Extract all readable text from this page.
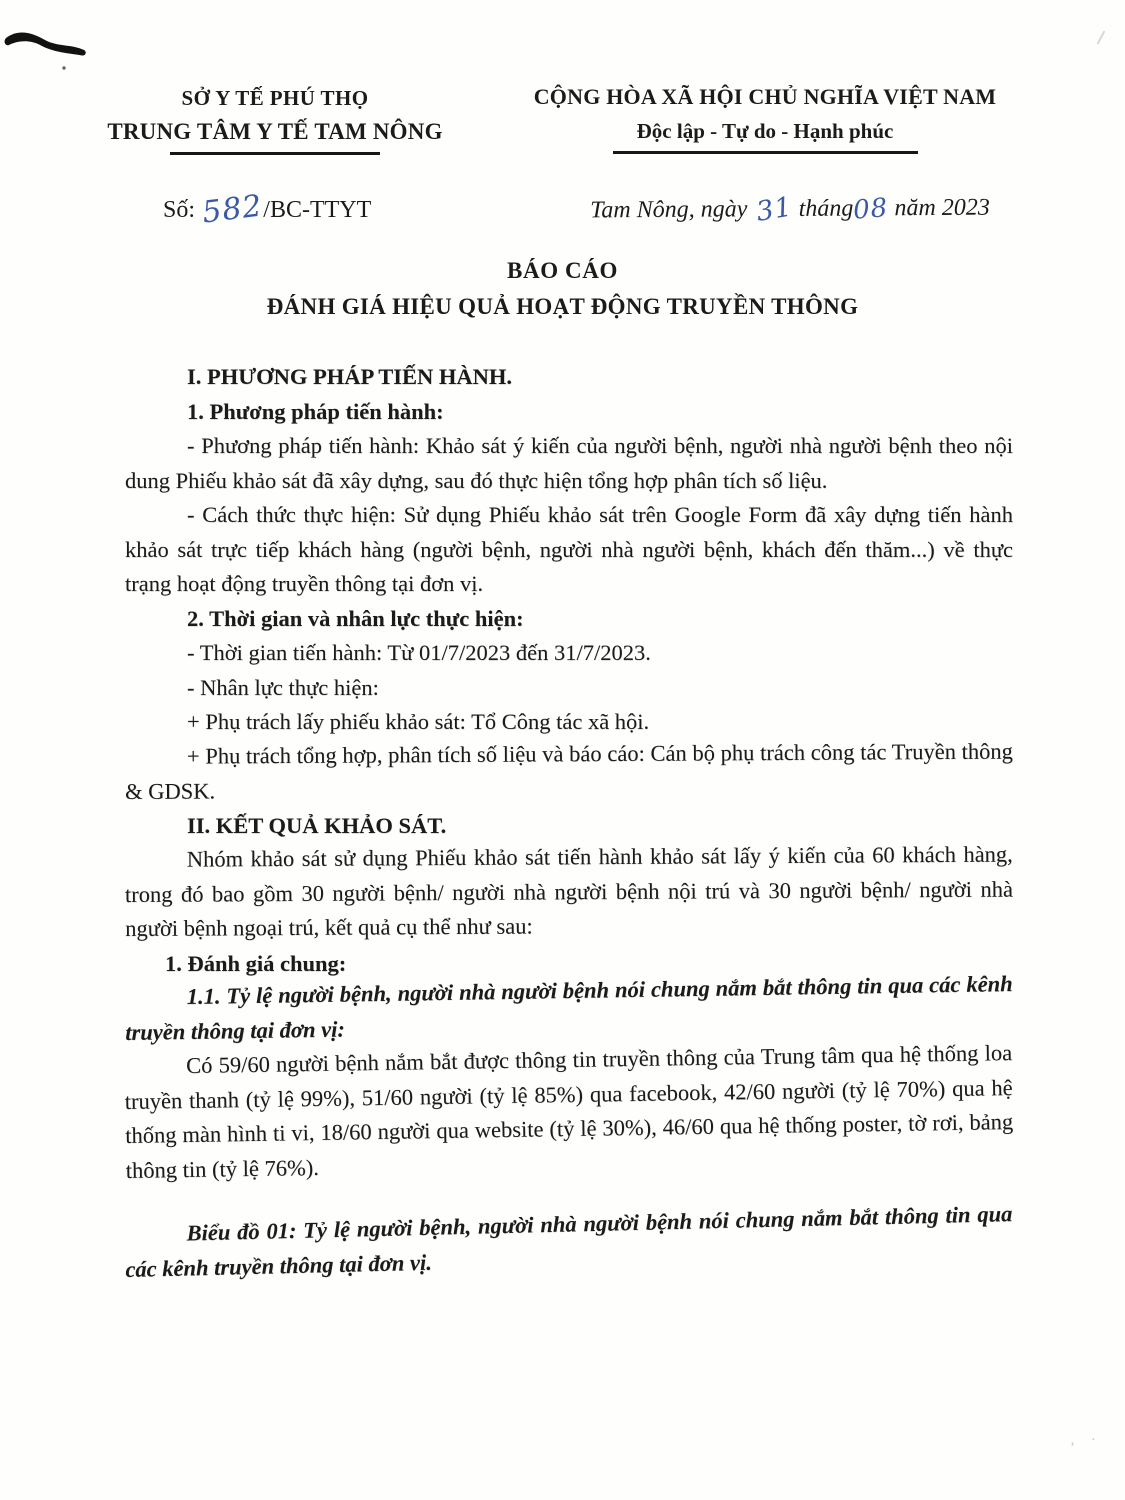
‚ ·
SỞ Y TẾ PHÚ THỌ
TRUNG TÂM Y TẾ TAM NÔNG
CỘNG HÒA XÃ HỘI CHỦ NGHĨA VIỆT NAM
Độc lập - Tự do - Hạnh phúc
Số: 582/BC-TTYT	Tam Nông, ngày 31 tháng08 năm 2023
BÁO CÁO
ĐÁNH GIÁ HIỆU QUẢ HOẠT ĐỘNG TRUYỀN THÔNG

I. PHƯƠNG PHÁP TIẾN HÀNH.

1. Phương pháp tiến hành:

- Phương pháp tiến hành: Khảo sát ý kiến của người bệnh, người nhà người bệnh theo nội dung Phiếu khảo sát đã xây dựng, sau đó thực hiện tổng hợp phân tích số liệu.

- Cách thức thực hiện: Sử dụng Phiếu khảo sát trên Google Form đã xây dựng tiến hành khảo sát trực tiếp khách hàng (người bệnh, người nhà người bệnh, khách đến thăm...) về thực trạng hoạt động truyền thông tại đơn vị.

2. Thời gian và nhân lực thực hiện:

- Thời gian tiến hành: Từ 01/7/2023 đến 31/7/2023.

- Nhân lực thực hiện:

+ Phụ trách lấy phiếu khảo sát: Tổ Công tác xã hội.

+ Phụ trách tổng hợp, phân tích số liệu và báo cáo: Cán bộ phụ trách công tác Truyền thông & GDSK.

II. KẾT QUẢ KHẢO SÁT.

Nhóm khảo sát sử dụng Phiếu khảo sát tiến hành khảo sát lấy ý kiến của 60 khách hàng, trong đó bao gồm 30 người bệnh/ người nhà người bệnh nội trú và 30 người bệnh/ người nhà người bệnh ngoại trú, kết quả cụ thể như sau:

1. Đánh giá chung:

1.1. Tỷ lệ người bệnh, người nhà người bệnh nói chung nắm bắt thông tin qua các kênh truyền thông tại đơn vị:

Có 59/60 người bệnh nắm bắt được thông tin truyền thông của Trung tâm qua hệ thống loa truyền thanh (tỷ lệ 99%), 51/60 người (tỷ lệ 85%) qua facebook, 42/60 người (tỷ lệ 70%) qua hệ thống màn hình ti vi, 18/60 người qua website (tỷ lệ 30%), 46/60 qua hệ thống poster, tờ rơi, bảng thông tin (tỷ lệ 76%).

Biểu đồ 01: Tỷ lệ người bệnh, người nhà người bệnh nói chung nắm bắt thông tin qua các kênh truyền thông tại đơn vị.
